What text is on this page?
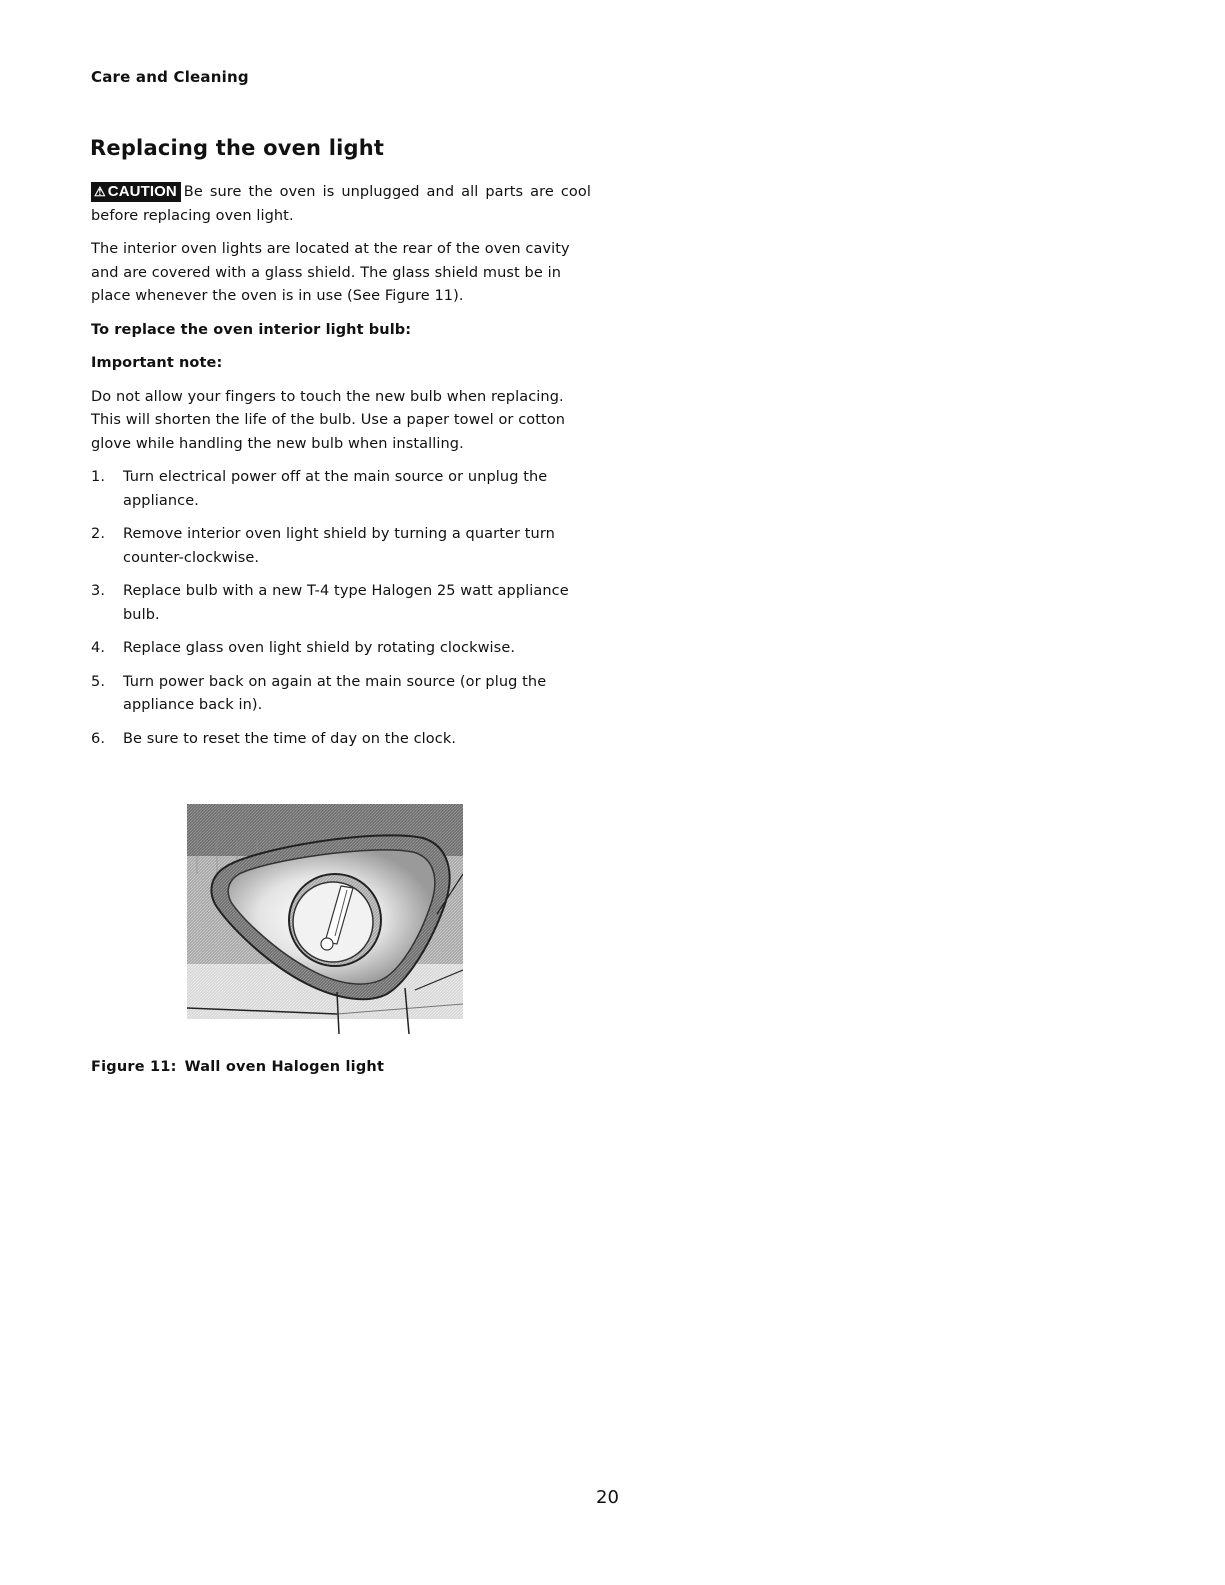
Care and Cleaning
Replacing the oven light

⚠ CAUTION Be sure the oven is unplugged and all parts are cool before replacing oven light.

The interior oven lights are located at the rear of the oven cavity and are covered with a glass shield. The glass shield must be in place whenever the oven is in use (See Figure 11).

To replace the oven interior light bulb:

Important note:

Do not allow your fingers to touch the new bulb when replacing. This will shorten the life of the bulb. Use a paper towel or cotton glove while handling the new bulb when installing.

1. Turn electrical power off at the main source or unplug the appliance.
2. Remove interior oven light shield by turning a quarter turn counter-clockwise.
3. Replace bulb with a new T-4 type Halogen 25 watt appliance bulb.
4. Replace glass oven light shield by rotating clockwise.
5. Turn power back on again at the main source (or plug the appliance back in).
6. Be sure to reset the time of day on the clock.

Figure 11: Wall oven Halogen light

20
